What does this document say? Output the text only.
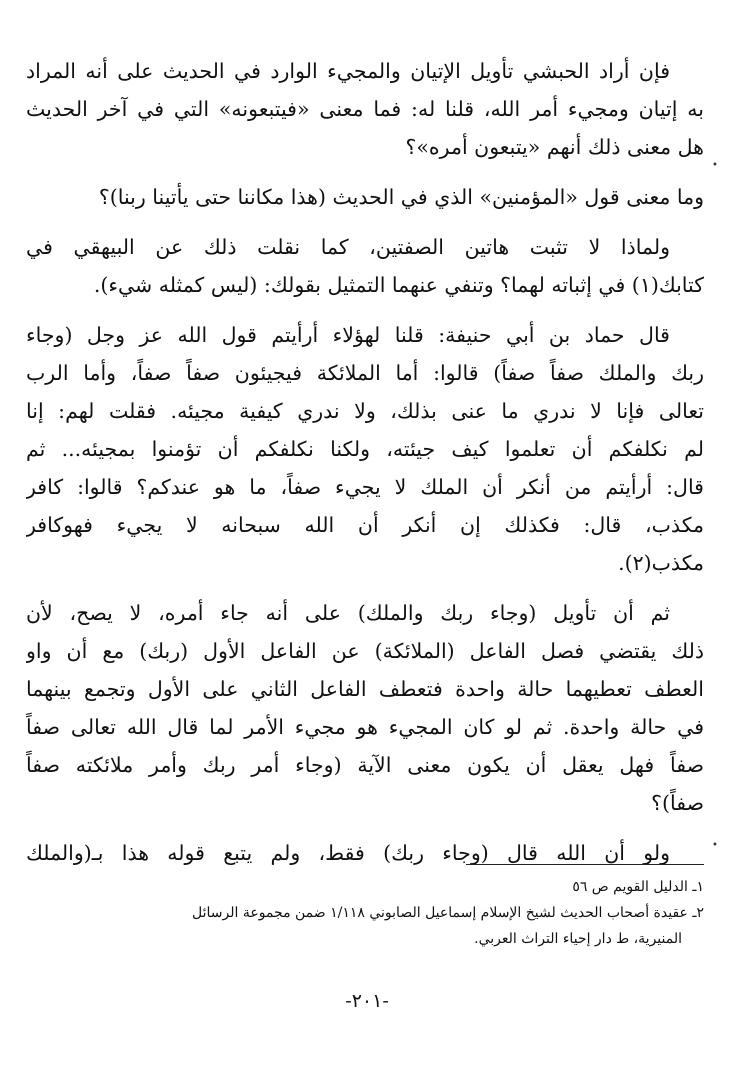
فإن أراد الحبشي تأويل الإتيان والمجيء الوارد في الحديث على أنه المراد
به إتيان ومجيء أمر الله، قلنا له: فما معنى «فيتبعونه» التي في آخر الحديث
هل معنى ذلك أنهم «يتبعون أمره»؟

وما معنى قول «المؤمنين» الذي في الحديث (هذا مكاننا حتى يأتينا ربنا)؟

ولماذا لا تثبت هاتين الصفتين، كما نقلت ذلك عن البيهقي في
كتابك(١) في إثباته لهما؟ وتنفي عنهما التمثيل بقولك: (ليس كمثله شيء).

قال حماد بن أبي حنيفة: قلنا لهؤلاء أرأيتم قول الله عز وجل (وجاء
ربك والملك صفاً صفاً) قالوا: أما الملائكة فيجيئون صفاً صفاً، وأما الرب
تعالى فإنا لا ندري ما عنى بذلك، ولا ندري كيفية مجيئه. فقلت لهم: إنا
لم نكلفكم أن تعلموا كيف جيئته، ولكنا نكلفكم أن تؤمنوا بمجيئه... ثم
قال: أرأيتم من أنكر أن الملك لا يجيء صفاً، ما هو عندكم؟ قالوا: كافر
مكذب، قال: فكذلك إن أنكر أن الله سبحانه لا يجيء فهوكافر
مكذب(٢).

ثم أن تأويل (وجاء ربك والملك) على أنه جاء أمره، لا يصح، لأن
ذلك يقتضي فصل الفاعل (الملائكة) عن الفاعل الأول (ربك) مع أن واو
العطف تعطيهما حالة واحدة فتعطف الفاعل الثاني على الأول وتجمع بينهما
في حالة واحدة. ثم لو كان المجيء هو مجيء الأمر لما قال الله تعالى صفاً
صفاً فهل يعقل أن يكون معنى الآية (وجاء أمر ربك وأمر ملائكته صفاً
صفاً)؟

ولو أن الله قال (وجاء ربك) فقط، ولم يتبع قوله هذا بـ(والملك

١ـ الدليل القويم ص ٥٦
٢ـ عقيدة أصحاب الحديث لشيخ الإسلام إسماعيل الصابوني ١/١١٨ ضمن مجموعة الرسائل
المنيرية، ط دار إحياء التراث العربي.
-٢٠١-
•
•
